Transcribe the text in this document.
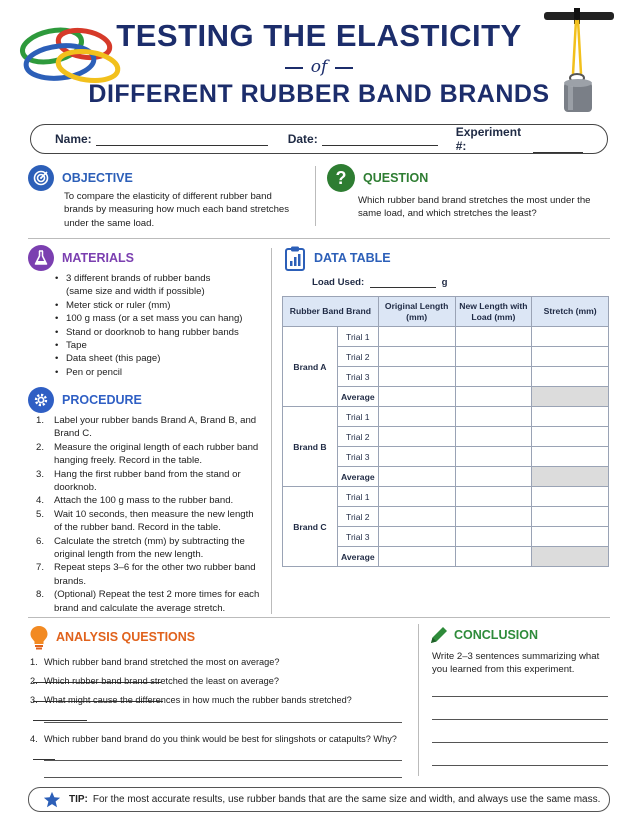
TESTING THE ELASTICITY
of
DIFFERENT RUBBER BAND BRANDS
Name:	Date:	Experiment #:
OBJECTIVE
To compare the elasticity of different rubber band brands by measuring how much each band stretches under the same load.
?	QUESTION
Which rubber band brand stretches the most under the same load, and which stretches the least?
MATERIALS
• 3 different brands of rubber bands
(same size and width if possible)
• Meter stick or ruler (mm)
• 100 g mass (or a set mass you can hang)
• Stand or doorknob to hang rubber bands
• Tape
• Data sheet (this page)
• Pen or pencil
PROCEDURE
1. Label your rubber bands Brand A, Brand B, and Brand C.
2. Measure the original length of each rubber band hanging freely. Record in the table.
3. Hang the first rubber band from the stand or doorknob.
4. Attach the 100 g mass to the rubber band.
5. Wait 10 seconds, then measure the new length of the rubber band. Record in the table.
6. Calculate the stretch (mm) by subtracting the original length from the new length.
7. Repeat steps 3–6 for the other two rubber band brands.
8. (Optional) Repeat the test 2 more times for each brand and calculate the average stretch.
DATA TABLE
Load Used:	g
Rubber Band Brand		Original Length (mm)	New Length with Load (mm)	Stretch (mm)
Brand A	Trial 1			
	Trial 2			
	Trial 3			
	Average			
Brand B	Trial 1			
	Trial 2			
	Trial 3			
	Average			
Brand C	Trial 1			
	Trial 2			
	Trial 3			
	Average			
ANALYSIS QUESTIONS
1. Which rubber band brand stretched the most on average?
2. Which rubber band brand stretched the least on average?
3. What might cause the differences in how much the rubber bands stretched?
4. Which rubber band brand do you think would be best for slingshots or catapults? Why?
CONCLUSION
Write 2–3 sentences summarizing what you learned from this experiment.
TIP: For the most accurate results, use rubber bands that are the same size and width, and always use the same mass.
